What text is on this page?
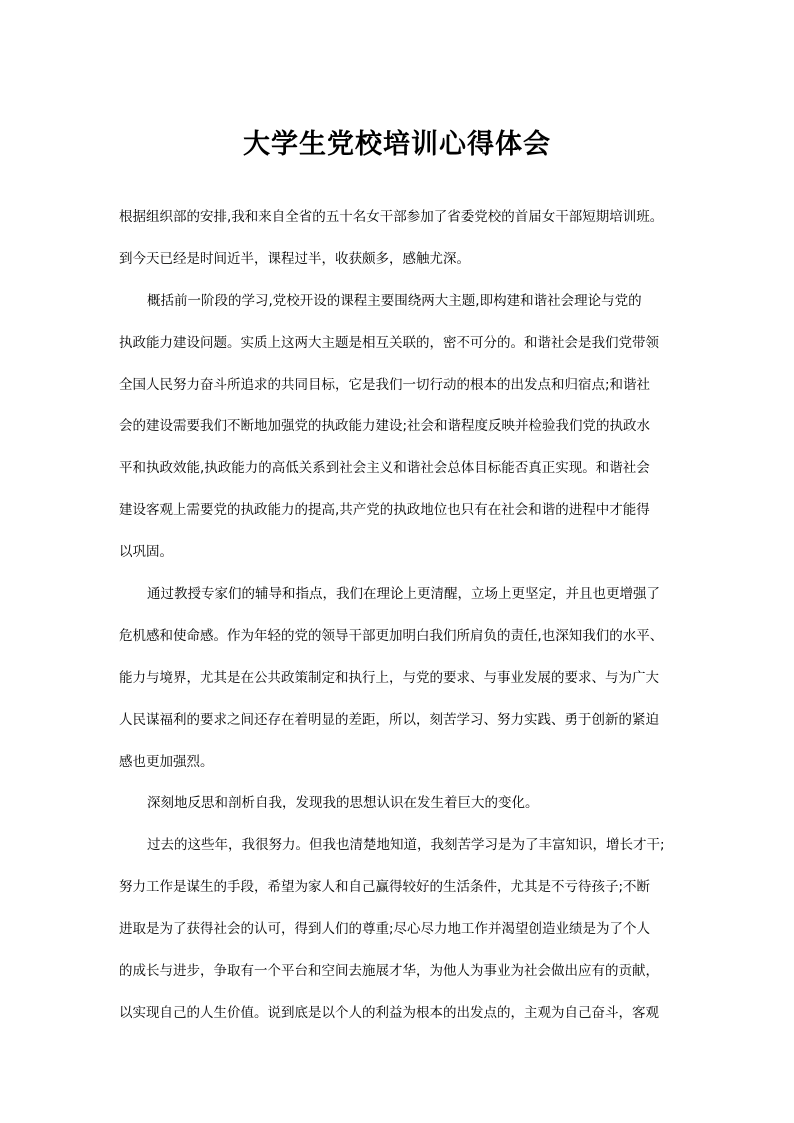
大学生党校培训心得体会
根据组织部的安排,我和来自全省的五十名女干部参加了省委党校的首届女干部短期培训班。
到今天已经是时间近半，课程过半，收获颇多，感触尤深。
概括前一阶段的学习,党校开设的课程主要围绕两大主题,即构建和谐社会理论与党的
执政能力建设问题。实质上这两大主题是相互关联的，密不可分的。和谐社会是我们党带领
全国人民努力奋斗所追求的共同目标，它是我们一切行动的根本的出发点和归宿点;和谐社
会的建设需要我们不断地加强党的执政能力建设;社会和谐程度反映并检验我们党的执政水
平和执政效能,执政能力的高低关系到社会主义和谐社会总体目标能否真正实现。和谐社会
建设客观上需要党的执政能力的提高,共产党的执政地位也只有在社会和谐的进程中才能得
以巩固。
通过教授专家们的辅导和指点，我们在理论上更清醒，立场上更坚定，并且也更增强了
危机感和使命感。作为年轻的党的领导干部更加明白我们所肩负的责任,也深知我们的水平、
能力与境界，尤其是在公共政策制定和执行上，与党的要求、与事业发展的要求、与为广大
人民谋福利的要求之间还存在着明显的差距，所以，刻苦学习、努力实践、勇于创新的紧迫
感也更加强烈。
深刻地反思和剖析自我，发现我的思想认识在发生着巨大的变化。
过去的这些年，我很努力。但我也清楚地知道，我刻苦学习是为了丰富知识，增长才干;
努力工作是谋生的手段，希望为家人和自己赢得较好的生活条件，尤其是不亏待孩子;不断
进取是为了获得社会的认可，得到人们的尊重;尽心尽力地工作并渴望创造业绩是为了个人
的成长与进步，争取有一个平台和空间去施展才华，为他人为事业为社会做出应有的贡献，
以实现自己的人生价值。说到底是以个人的利益为根本的出发点的，主观为自己奋斗，客观
